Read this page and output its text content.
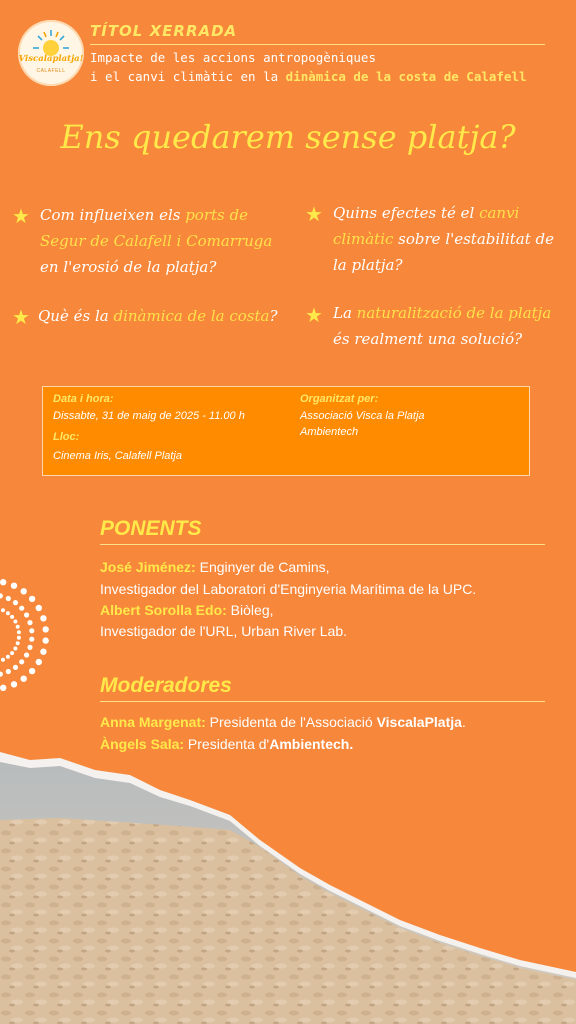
Viscalaplatja!
CALAFELL
TÍTOL XERRADA
Impacte de les accions antropogèniques
i el canvi climàtic en la dinàmica de la costa de Calafell
Ens quedarem sense platja?
★ Com influeixen els ports de
Segur de Calafell i Comarruga
en l'erosió de la platja?
★ Què és la dinàmica de la costa?
★ Quins efectes té el canvi
climàtic sobre l'estabilitat de
la platja?
★ La naturalització de la platja
és realment una solució?
Data i hora:
Dissabte, 31 de maig de 2025 - 11.00 h
Lloc:
Cinema Iris, Calafell Platja
Organitzat per:
Associació Visca la Platja
Ambientech
PONENTS
José Jiménez: Enginyer de Camins,
Investigador del Laboratori d'Enginyeria Marítima de la UPC.
Albert Sorolla Edo: Biòleg,
Investigador de l'URL, Urban River Lab.
Moderadores
Anna Margenat: Presidenta de l'Associació ViscalaPlatja.
Àngels Sala: Presidenta d'Ambientech.
